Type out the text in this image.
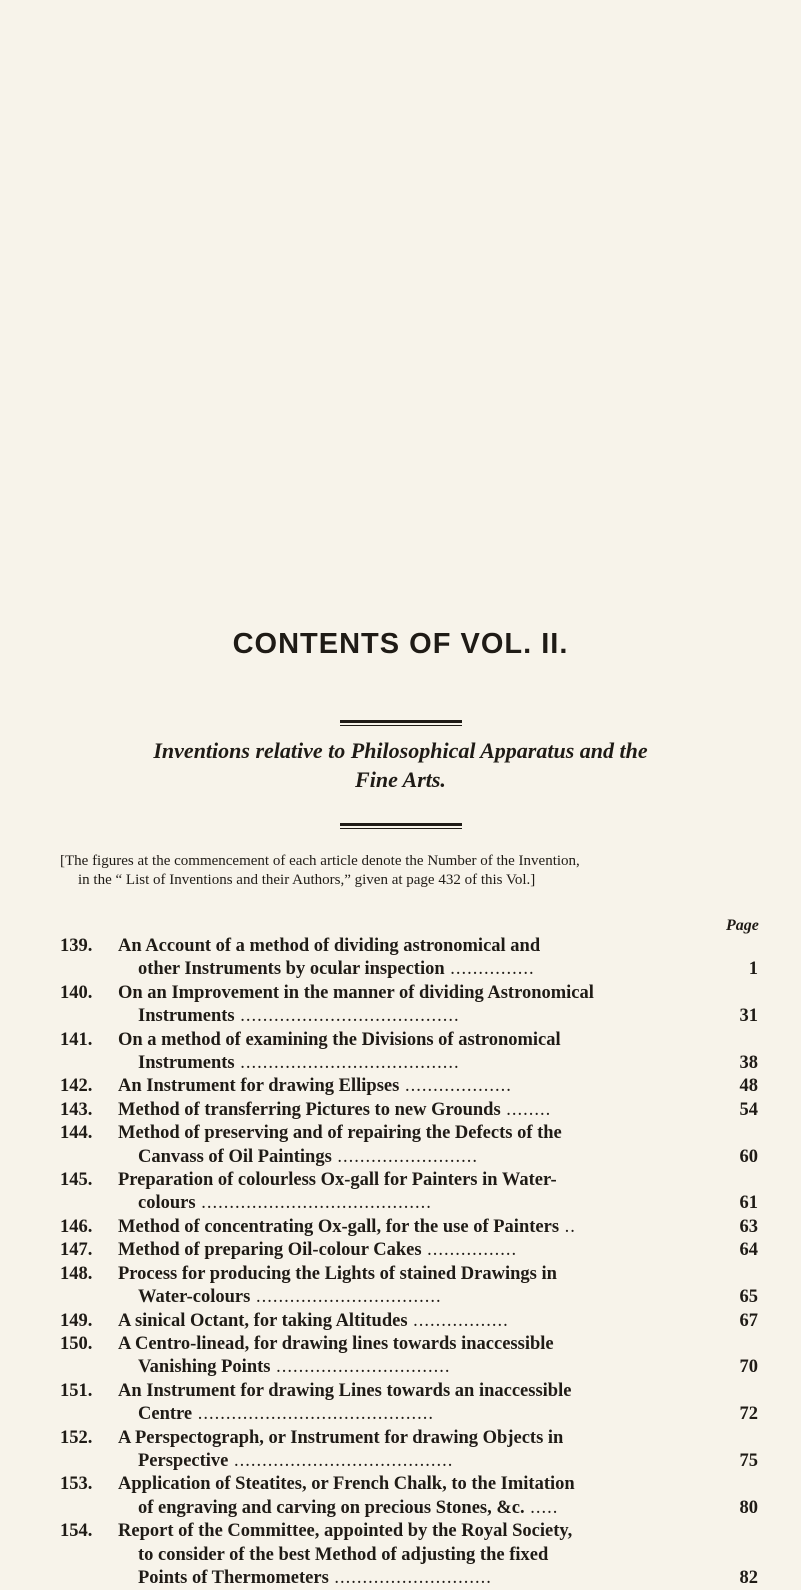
CONTENTS OF VOL. II.
Inventions relative to Philosophical Apparatus and the
Fine Arts.
[The figures at the commencement of each article denote the Number of the Invention,
in the “ List of Inventions and their Authors,” given at page 432 of this Vol.]
Page
139.	An Account of a method of dividing astronomical and
other Instruments by ocular inspection ...............	1
140.	On an Improvement in the manner of dividing Astronomical
Instruments .......................................	31
141.	On a method of examining the Divisions of astronomical
Instruments .......................................	38
142.	An Instrument for drawing Ellipses ...................	48
143.	Method of transferring Pictures to new Grounds ........	54
144.	Method of preserving and of repairing the Defects of the
Canvass of Oil Paintings .........................	60
145.	Preparation of colourless Ox-gall for Painters in Water-
colours .........................................	61
146.	Method of concentrating Ox-gall, for the use of Painters ..	63
147.	Method of preparing Oil-colour Cakes ................	64
148.	Process for producing the Lights of stained Drawings in
Water-colours .................................	65
149.	A sinical Octant, for taking Altitudes .................	67
150.	A Centro-linead, for drawing lines towards inaccessible
Vanishing Points ...............................	70
151.	An Instrument for drawing Lines towards an inaccessible
Centre ..........................................	72
152.	A Perspectograph, or Instrument for drawing Objects in
Perspective .......................................	75
153.	Application of Steatites, or French Chalk, to the Imitation
of engraving and carving on precious Stones, &c. .....	80
154.	Report of the Committee, appointed by the Royal Society,
to consider of the best Method of adjusting the fixed
Points of Thermometers ............................	82
